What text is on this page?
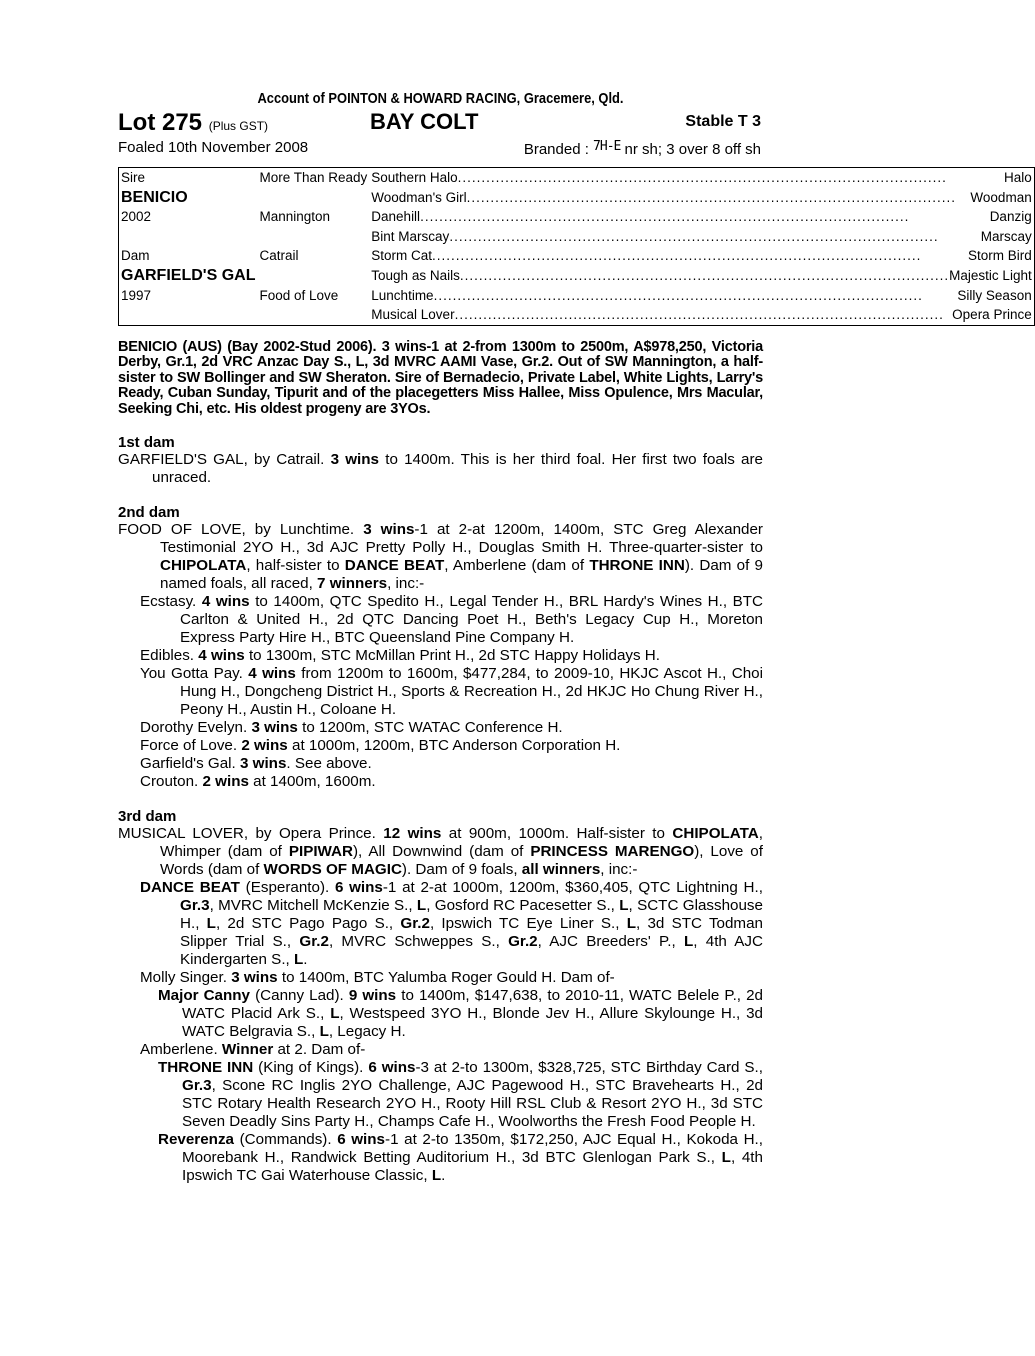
Account of POINTON & HOWARD RACING, Gracemere, Qld.
Lot 275 (Plus GST)	BAY COLT	Stable T 3
Foaled 10th November 2008	Branded : 7H-E nr sh; 3 over 8 off sh
Sire	More Than Ready	Southern Halo ..... Halo

BENICIO		Woodman's Girl ..... Woodman

2002	Mannington	Danehill ..... Danzig

		Bint Marscay ..... Marscay

Dam	Catrail	Storm Cat ..... Storm Bird

GARFIELD'S GAL		Tough as Nails ..... Majestic Light

1997	Food of Love	Lunchtime ..... Silly Season

		Musical Lover ..... Opera Prince
BENICIO (AUS) (Bay 2002-Stud 2006). 3 wins-1 at 2-from 1300m to 2500m, A$978,250, Victoria Derby, Gr.1, 2d VRC Anzac Day S., L, 3d MVRC AAMI Vase, Gr.2. Out of SW Mannington, a half-sister to SW Bollinger and SW Sheraton. Sire of Bernadecio, Private Label, White Lights, Larry's Ready, Cuban Sunday, Tipurit and of the placegetters Miss Hallee, Miss Opulence, Mrs Macular, Seeking Chi, etc. His oldest progeny are 3YOs.
1st dam
GARFIELD'S GAL, by Catrail. 3 wins to 1400m. This is her third foal. Her first two foals are unraced.
2nd dam
FOOD OF LOVE, by Lunchtime. 3 wins-1 at 2-at 1200m, 1400m, STC Greg Alexander Testimonial 2YO H., 3d AJC Pretty Polly H., Douglas Smith H. Three-quarter-sister to CHIPOLATA, half-sister to DANCE BEAT, Amberlene (dam of THRONE INN). Dam of 9 named foals, all raced, 7 winners, inc:-
Ecstasy. 4 wins to 1400m, QTC Spedito H., Legal Tender H., BRL Hardy's Wines H., BTC Carlton & United H., 2d QTC Dancing Poet H., Beth's Legacy Cup H., Moreton Express Party Hire H., BTC Queensland Pine Company H.
Edibles. 4 wins to 1300m, STC McMillan Print H., 2d STC Happy Holidays H.
You Gotta Pay. 4 wins from 1200m to 1600m, $477,284, to 2009-10, HKJC Ascot H., Choi Hung H., Dongcheng District H., Sports & Recreation H., 2d HKJC Ho Chung River H., Peony H., Austin H., Coloane H.
Dorothy Evelyn. 3 wins to 1200m, STC WATAC Conference H.
Force of Love. 2 wins at 1000m, 1200m, BTC Anderson Corporation H.
Garfield's Gal. 3 wins. See above.
Crouton. 2 wins at 1400m, 1600m.
3rd dam
MUSICAL LOVER, by Opera Prince. 12 wins at 900m, 1000m. Half-sister to CHIPOLATA, Whimper (dam of PIPIWAR), All Downwind (dam of PRINCESS MARENGO), Love of Words (dam of WORDS OF MAGIC). Dam of 9 foals, all winners, inc:-
DANCE BEAT (Esperanto). 6 wins-1 at 2-at 1000m, 1200m, $360,405, QTC Lightning H., Gr.3, MVRC Mitchell McKenzie S., L, Gosford RC Pacesetter S., L, SCTC Glasshouse H., L, 2d STC Pago Pago S., Gr.2, Ipswich TC Eye Liner S., L, 3d STC Todman Slipper Trial S., Gr.2, MVRC Schweppes S., Gr.2, AJC Breeders' P., L, 4th AJC Kindergarten S., L.
Molly Singer. 3 wins to 1400m, BTC Yalumba Roger Gould H. Dam of-
Major Canny (Canny Lad). 9 wins to 1400m, $147,638, to 2010-11, WATC Belele P., 2d WATC Placid Ark S., L, Westspeed 3YO H., Blonde Jev H., Allure Skylounge H., 3d WATC Belgravia S., L, Legacy H.
Amberlene. Winner at 2. Dam of-
THRONE INN (King of Kings). 6 wins-3 at 2-to 1300m, $328,725, STC Birthday Card S., Gr.3, Scone RC Inglis 2YO Challenge, AJC Pagewood H., STC Bravehearts H., 2d STC Rotary Health Research 2YO H., Rooty Hill RSL Club & Resort 2YO H., 3d STC Seven Deadly Sins Party H., Champs Cafe H., Woolworths the Fresh Food People H.
Reverenza (Commands). 6 wins-1 at 2-to 1350m, $172,250, AJC Equal H., Kokoda H., Moorebank H., Randwick Betting Auditorium H., 3d BTC Glenlogan Park S., L, 4th Ipswich TC Gai Waterhouse Classic, L.
